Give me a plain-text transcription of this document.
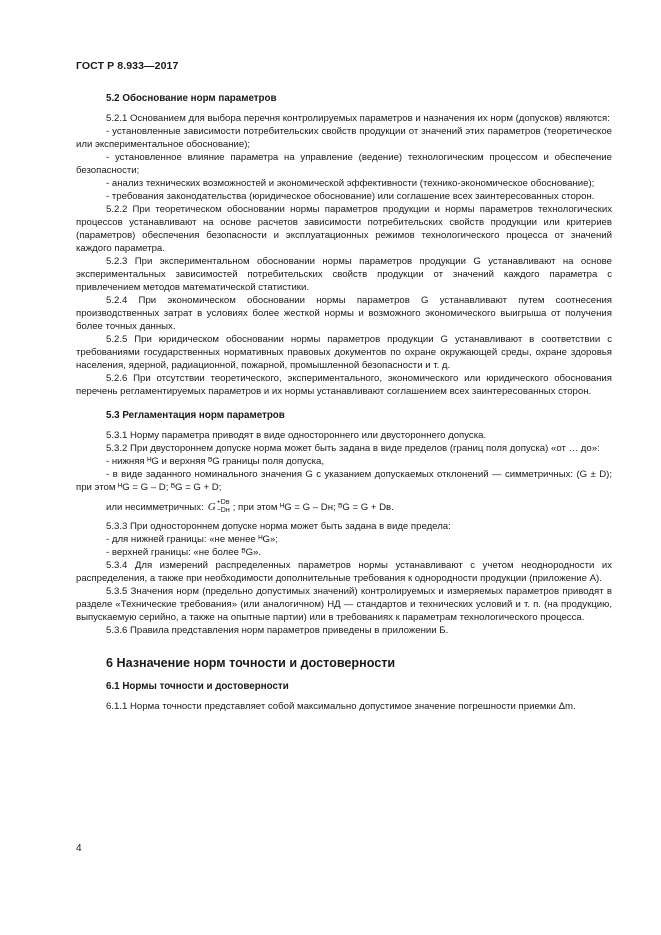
ГОСТ Р 8.933—2017
5.2 Обоснование норм параметров

5.2.1 Основанием для выбора перечня контролируемых параметров и назначения их норм (допусков) являются:

- установленные зависимости потребительских свойств продукции от значений этих параметров (теоретическое или экспериментальное обоснование);

- установленное влияние параметра на управление (ведение) технологическим процессом и обеспечение безопасности;

- анализ технических возможностей и экономической эффективности (технико-экономическое обоснование);

- требования законодательства (юридическое обоснование) или соглашение всех заинтересованных сторон.

5.2.2 При теоретическом обосновании нормы параметров продукции и нормы параметров технологических процессов устанавливают на основе расчетов зависимости потребительских свойств продукции или критериев (параметров) обеспечения безопасности и эксплуатационных режимов технологического процесса от значений каждого параметра.

5.2.3 При экспериментальном обосновании нормы параметров продукции G устанавливают на основе экспериментальных зависимостей потребительских свойств продукции от значений каждого параметра с привлечением методов математической статистики.

5.2.4 При экономическом обосновании нормы параметров G устанавливают путем соотнесения производственных затрат в условиях более жесткой нормы и возможного экономического выигрыша от получения более точных данных.

5.2.5 При юридическом обосновании нормы параметров продукции G устанавливают в соответствии с требованиями государственных нормативных правовых документов по охране окружающей среды, охране здоровья населения, ядерной, радиационной, пожарной, промышленной безопасности и т. д.

5.2.6 При отсутствии теоретического, экспериментального, экономического или юридического обоснования перечень регламентируемых параметров и их нормы устанавливают соглашением всех заинтересованных сторон.

5.3 Регламентация норм параметров

5.3.1 Норму параметра приводят в виде одностороннего или двустороннего допуска.

5.3.2 При двустороннем допуске норма может быть задана в виде пределов (границ поля допуска) «от … до»:

- нижняя ᴴG и верхняя ᴮG границы поля допуска,

- в виде заданного номинального значения G с указанием допускаемых отклонений — симметричных: (G ± D); при этом ᴴG = G – D; ᴮG = G + D;

или несимметричных: G +Dв
−Dн ; при этом ᴴG = G – Dн; ᴮG = G + Dв.

5.3.3 При одностороннем допуске норма может быть задана в виде предела:

- для нижней границы: «не менее ᴴG»;

- верхней границы: «не более ᴮG».

5.3.4 Для измерений распределенных параметров нормы устанавливают с учетом неоднородности их распределения, а также при необходимости дополнительные требования к однородности продукции (приложение А).

5.3.5 Значения норм (предельно допустимых значений) контролируемых и измеряемых параметров приводят в разделе «Технические требования» (или аналогичном) НД — стандартов и технических условий и т. п. (на продукцию, выпускаемую серийно, а также на опытные партии) или в требованиях к параметрам технологического процесса.

5.3.6 Правила представления норм параметров приведены в приложении Б.

6 Назначение норм точности и достоверности
6.1 Нормы точности и достоверности

6.1.1 Норма точности представляет собой максимально допустимое значение погрешности приемки Δm.

4
